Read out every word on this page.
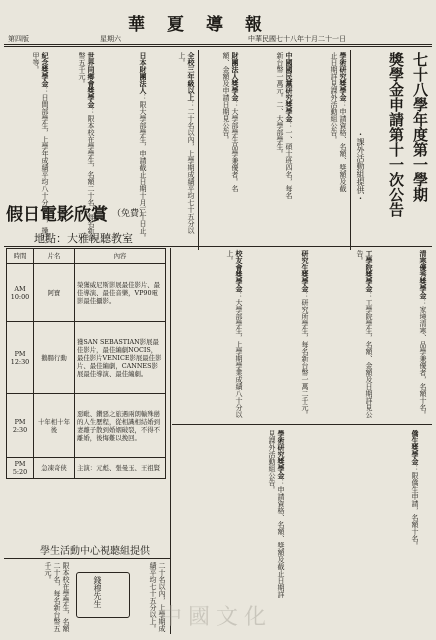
華夏導報
第四版	星期六	中華民國七十八年十月二十一日
七十八學年度第一學期
獎學金申請第十一次公告
・課外活動組提供・
學術研究獎學金：申請資格、名額、獎額及截止日期詳見課外活動組公告。
中國國民黨研究獎學金：一、碩士班四名，每名新台幣一萬元。二、大學部學生。
財團法人獎學金：大學部學生品學兼優者。名額、金額及申請日期見公告。
全校三年級以上：二十名以內，上學期成績平均七十五分以上。
日本財團法人：限大學部學生，申請截止日期十月三十日止。
世界同鄉會獎學金：限本校在學學生，名額二十名，每名新台幣五千元。
紀念獎學金：日間部學生，上學年成績平均八十分以上，操行甲等。
清寒優秀獎學金：家境清寒、品學兼優者，名額十名。
工學院獎學金：工學院學生，名額、金額及日期詳見公告。
研究生獎學金：研究所學生，每名新台幣一萬二千元。
校友會獎學金：大學部學生，上學期學業成績八十分以上。
僑生獎學金：限僑生申請，名額十名。
學術研究獎學金：申請資格、名額、獎額及截止日期詳見課外活動組公告。
假日電影欣賞 （免費）
地點：大雅視聽教室
時間	片名	內容
AM 10:00	阿寶	榮獲威尼斯影展最佳影片、最佳導演、最佳音樂，VP90電影最佳攝影。
PM 12:30	鵝腸行動	獲SAN SEBASTIAN影展最佳影片，最佳編劇NOCIS，最佳影片VENICE影展最佳影片、最佳編劇，CANNES影展最佳導演、最佳編劇。
PM 2:30	十年相十年後	惡毗、鑽惡之旅遇兩朗輸殊巒的人生歷程，從相識相結婚到妻離子散到婚姻破裂，不得不離婚，後悔難以挽回。
PM 5:20	急凍奇俠	主演：元彪、張曼玉、王祖賢
學生活動中心視聽組提供
限本校在學學生，名額二十名，每名新台幣五千元。
錢穆先生	二十名以內，上學期成績平均七十五分以上。 中國文化
